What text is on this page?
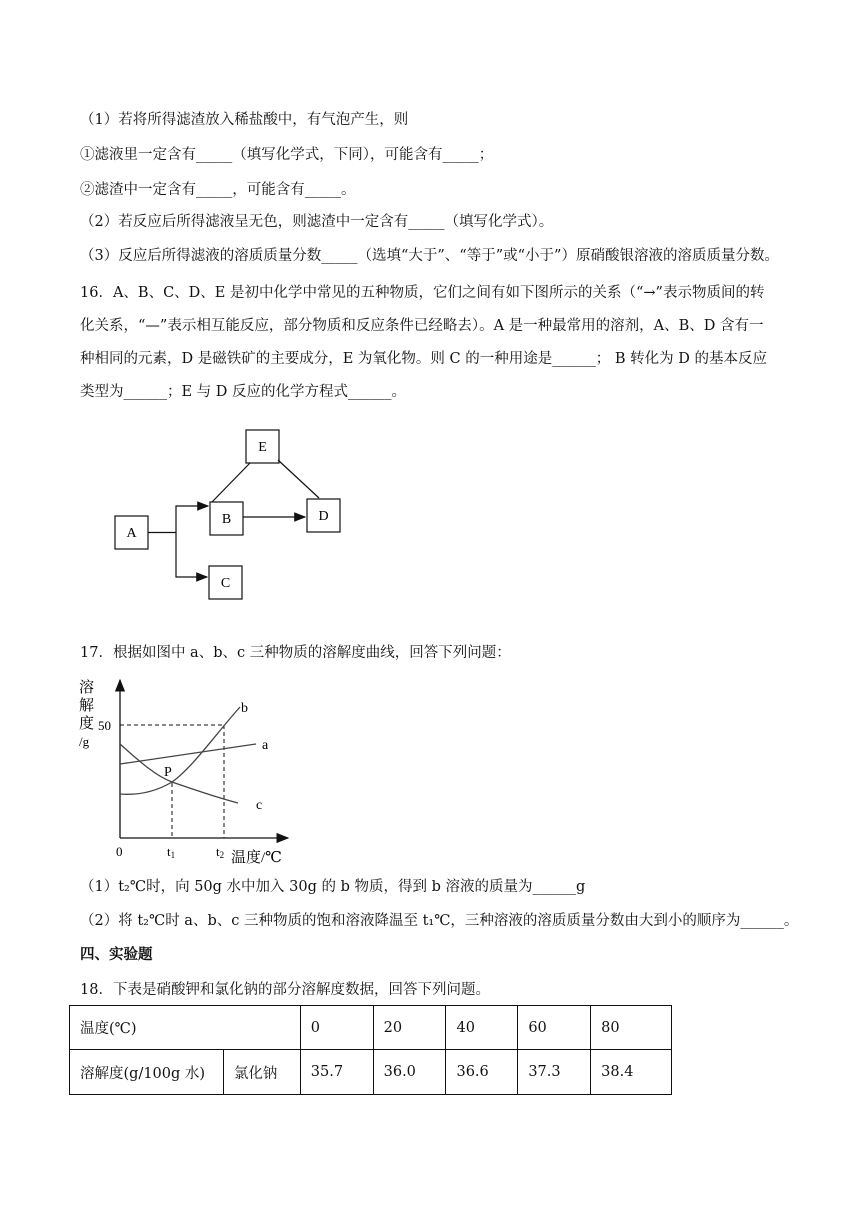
（1）若将所得滤渣放入稀盐酸中，有气泡产生，则
①滤液里一定含有_____（填写化学式，下同），可能含有_____；
②滤渣中一定含有_____，可能含有_____。
（2）若反应后所得滤液呈无色，则滤渣中一定含有_____（填写化学式）。
（3）反应后所得滤液的溶质质量分数_____（选填“大于”、“等于”或“小于”）原硝酸银溶液的溶质质量分数。
16．A、B、C、D、E 是初中化学中常见的五种物质，它们之间有如下图所示的关系（“→”表示物质间的转
化关系，“—”表示相互能反应，部分物质和反应条件已经略去）。A 是一种最常用的溶剂，A、B、D 含有一
种相同的元素，D 是磁铁矿的主要成分，E 为氧化物。则 C 的一种用途是______； B 转化为 D 的基本反应
类型为______；E 与 D 反应的化学方程式______。
E
A
B	D
C
17．根据如图中 a、b、c 三种物质的溶解度曲线，回答下列问题：
溶
解
度
/g
50
P
b
a
c
0	t1	t2 温度/℃
（1）t₂℃时，向 50g 水中加入 30g 的 b 物质，得到 b 溶液的质量为______g
（2）将 t₂℃时 a、b、c 三种物质的饱和溶液降温至 t₁℃，三种溶液的溶质质量分数由大到小的顺序为______。
四、实验题
18．下表是硝酸钾和氯化钠的部分溶解度数据，回答下列问题。
温度(℃)		0	20	40	60	80
溶解度(g/100g 水)	氯化钠	35.7	36.0	36.6	37.3	38.4
